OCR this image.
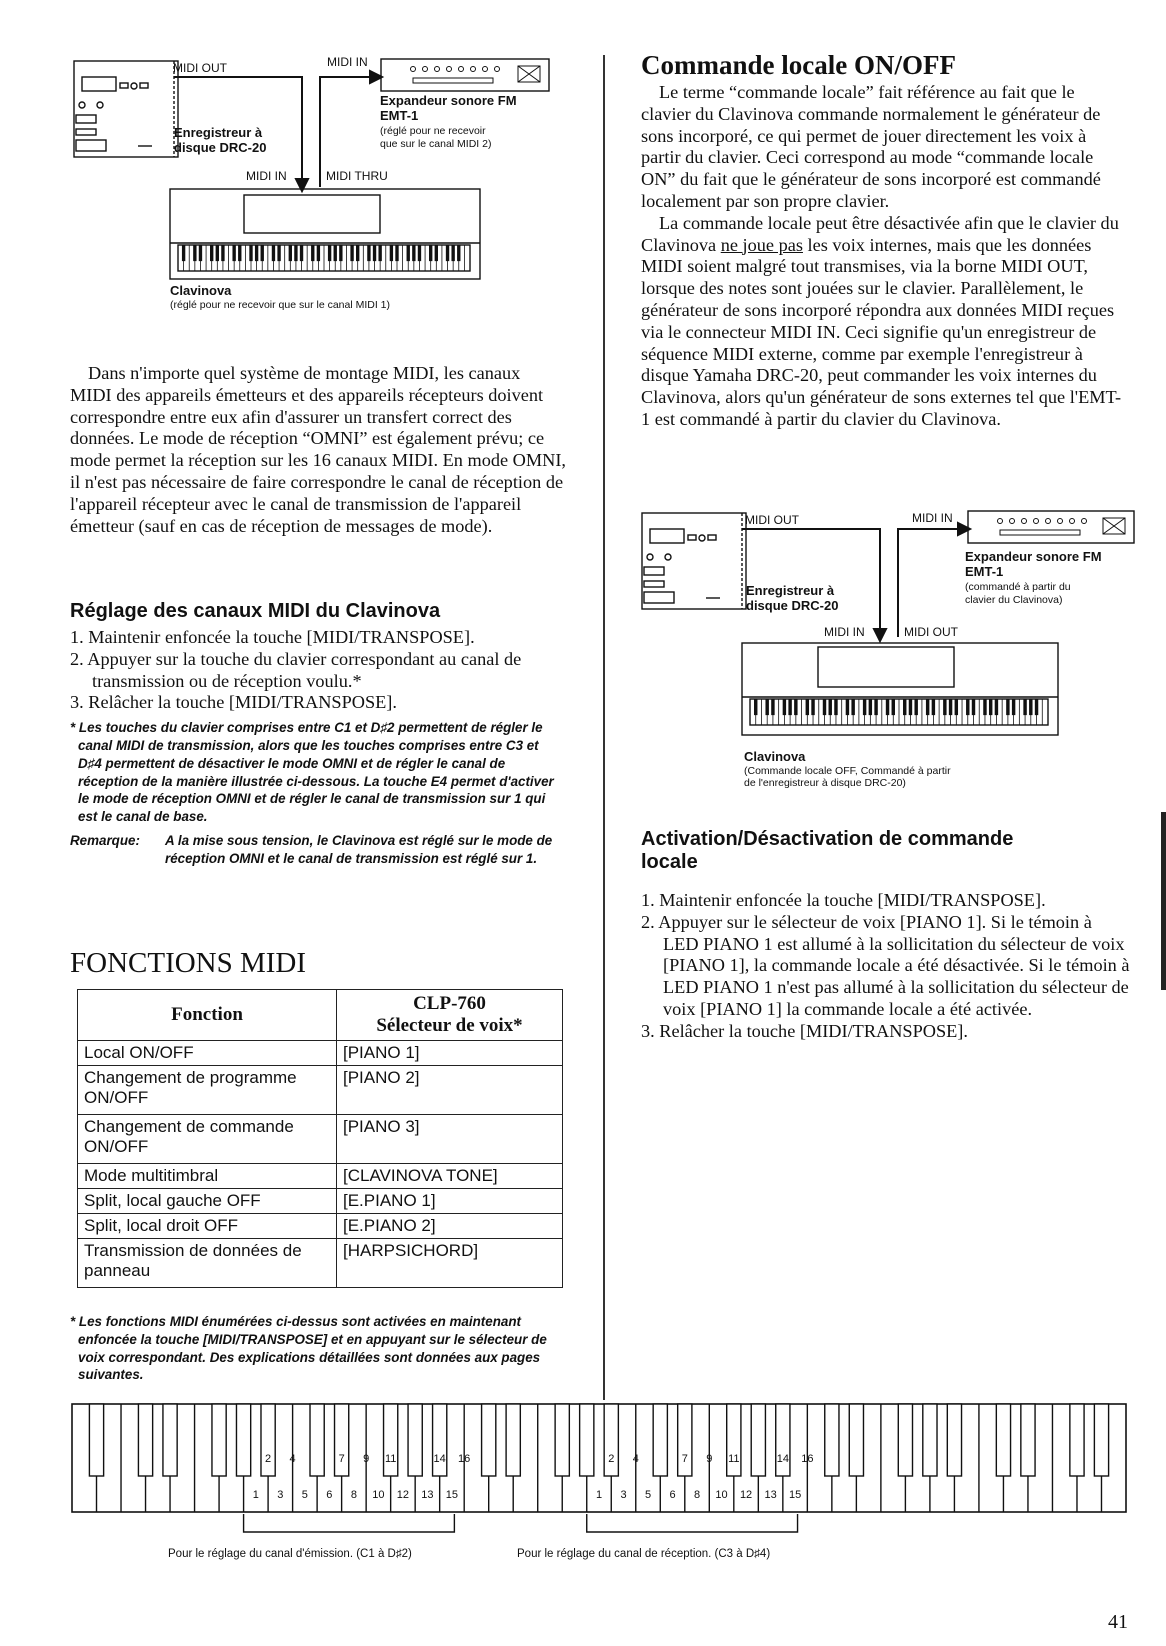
MIDI OUT	MIDI IN
Expandeur sonore FM
EMT-1
(réglé pour ne recevoir
que sur le canal MIDI 2)
Enregistreur à
disque DRC-20
MIDI IN	MIDI THRU
Clavinova
(réglé pour ne recevoir que sur le canal MIDI 1)

Dans n'importe quel système de montage MIDI, les canaux MIDI des appareils émetteurs et des appareils récepteurs doivent correspondre entre eux afin d'assurer un transfert correct des données. Le mode de réception “OMNI” est également prévu; ce mode permet la réception sur les 16 canaux MIDI. En mode OMNI, il n'est pas nécessaire de faire correspondre le canal de réception de l'appareil récepteur avec le canal de transmission de l'appareil émetteur (sauf en cas de réception de messages de mode).

Réglage des canaux MIDI du Clavinova
1. Maintenir enfoncée la touche [MIDI/TRANSPOSE].
2. Appuyer sur la touche du clavier correspondant au canal de transmission ou de réception voulu.*
3. Relâcher la touche [MIDI/TRANSPOSE].
* Les touches du clavier comprises entre C1 et D♯2 permettent de régler le canal MIDI de transmission, alors que les touches comprises entre C3 et D♯4 permettent de désactiver le mode OMNI et de régler le canal de réception de la manière illustrée ci-dessous. La touche E4 permet d'activer le mode de réception OMNI et de régler le canal de transmission sur 1 qui est le canal de base.
Remarque:	A la mise sous tension, le Clavinova est réglé sur le mode de réception OMNI et le canal de transmission est réglé sur 1.
FONCTIONS MIDI
Fonction	CLP-760
Sélecteur de voix*

Local ON/OFF	[PIANO 1]
Changement de programme ON/OFF	[PIANO 2]
Changement de commande ON/OFF	[PIANO 3]
Mode multitimbral	[CLAVINOVA TONE]
Split, local gauche OFF	[E.PIANO 1]
Split, local droit OFF	[E.PIANO 2]
Transmission de données de panneau	[HARPSICHORD]
* Les fonctions MIDI énumérées ci-dessus sont activées en maintenant enfoncée la touche [MIDI/TRANSPOSE] et en appuyant sur le sélecteur de voix correspondant. Des explications détaillées sont données aux pages suivantes.
Commande locale ON/OFF

Le terme “commande locale” fait référence au fait que le clavier du Clavinova commande normalement le générateur de sons incorporé, ce qui permet de jouer directement les voix à partir du clavier. Ceci correspond au mode “commande locale ON” du fait que le générateur de sons incorporé est commandé localement par son propre clavier.

La commande locale peut être désactivée afin que le clavier du Clavinova ne joue pas les voix internes, mais que les données MIDI soient malgré tout transmises, via la borne MIDI OUT, lorsque des notes sont jouées sur le clavier. Parallèlement, le générateur de sons incorporé répondra aux données MIDI reçues via le connecteur MIDI IN. Ceci signifie qu'un enregistreur de séquence MIDI externe, comme par exemple l'enregistreur à disque Yamaha DRC-20, peut commander les voix internes du Clavinova, alors qu'un générateur de sons externes tel que l'EMT-1 est commandé à partir du clavier du Clavinova.

MIDI OUT	MIDI IN
Expandeur sonore FM
EMT-1
(commandé à partir du
clavier du Clavinova)
Enregistreur à
disque DRC-20
MIDI IN	MIDI OUT
Clavinova
(Commande locale OFF, Commandé à partir
de l'enregistreur à disque DRC-20)
Activation/Désactivation de commande
locale
1. Maintenir enfoncée la touche [MIDI/TRANSPOSE].
2. Appuyer sur le sélecteur de voix [PIANO 1]. Si le témoin à LED PIANO 1 est allumé à la sollicitation du sélecteur de voix [PIANO 1], la commande locale a été désactivée. Si le témoin à LED PIANO 1 n'est pas allumé à la sollicitation du sélecteur de voix [PIANO 1] la commande locale a été activée.
3. Relâcher la touche [MIDI/TRANSPOSE].
1 3 5 6 8 10 12 13 15
2 4	7 9 11	14 16
1 3 5 6 8 10 12 13 15
2 4	7 9 11	14 16
Pour le réglage du canal d'émission. (C1 à D♯2)	Pour le réglage du canal de réception. (C3 à D♯4)
41
